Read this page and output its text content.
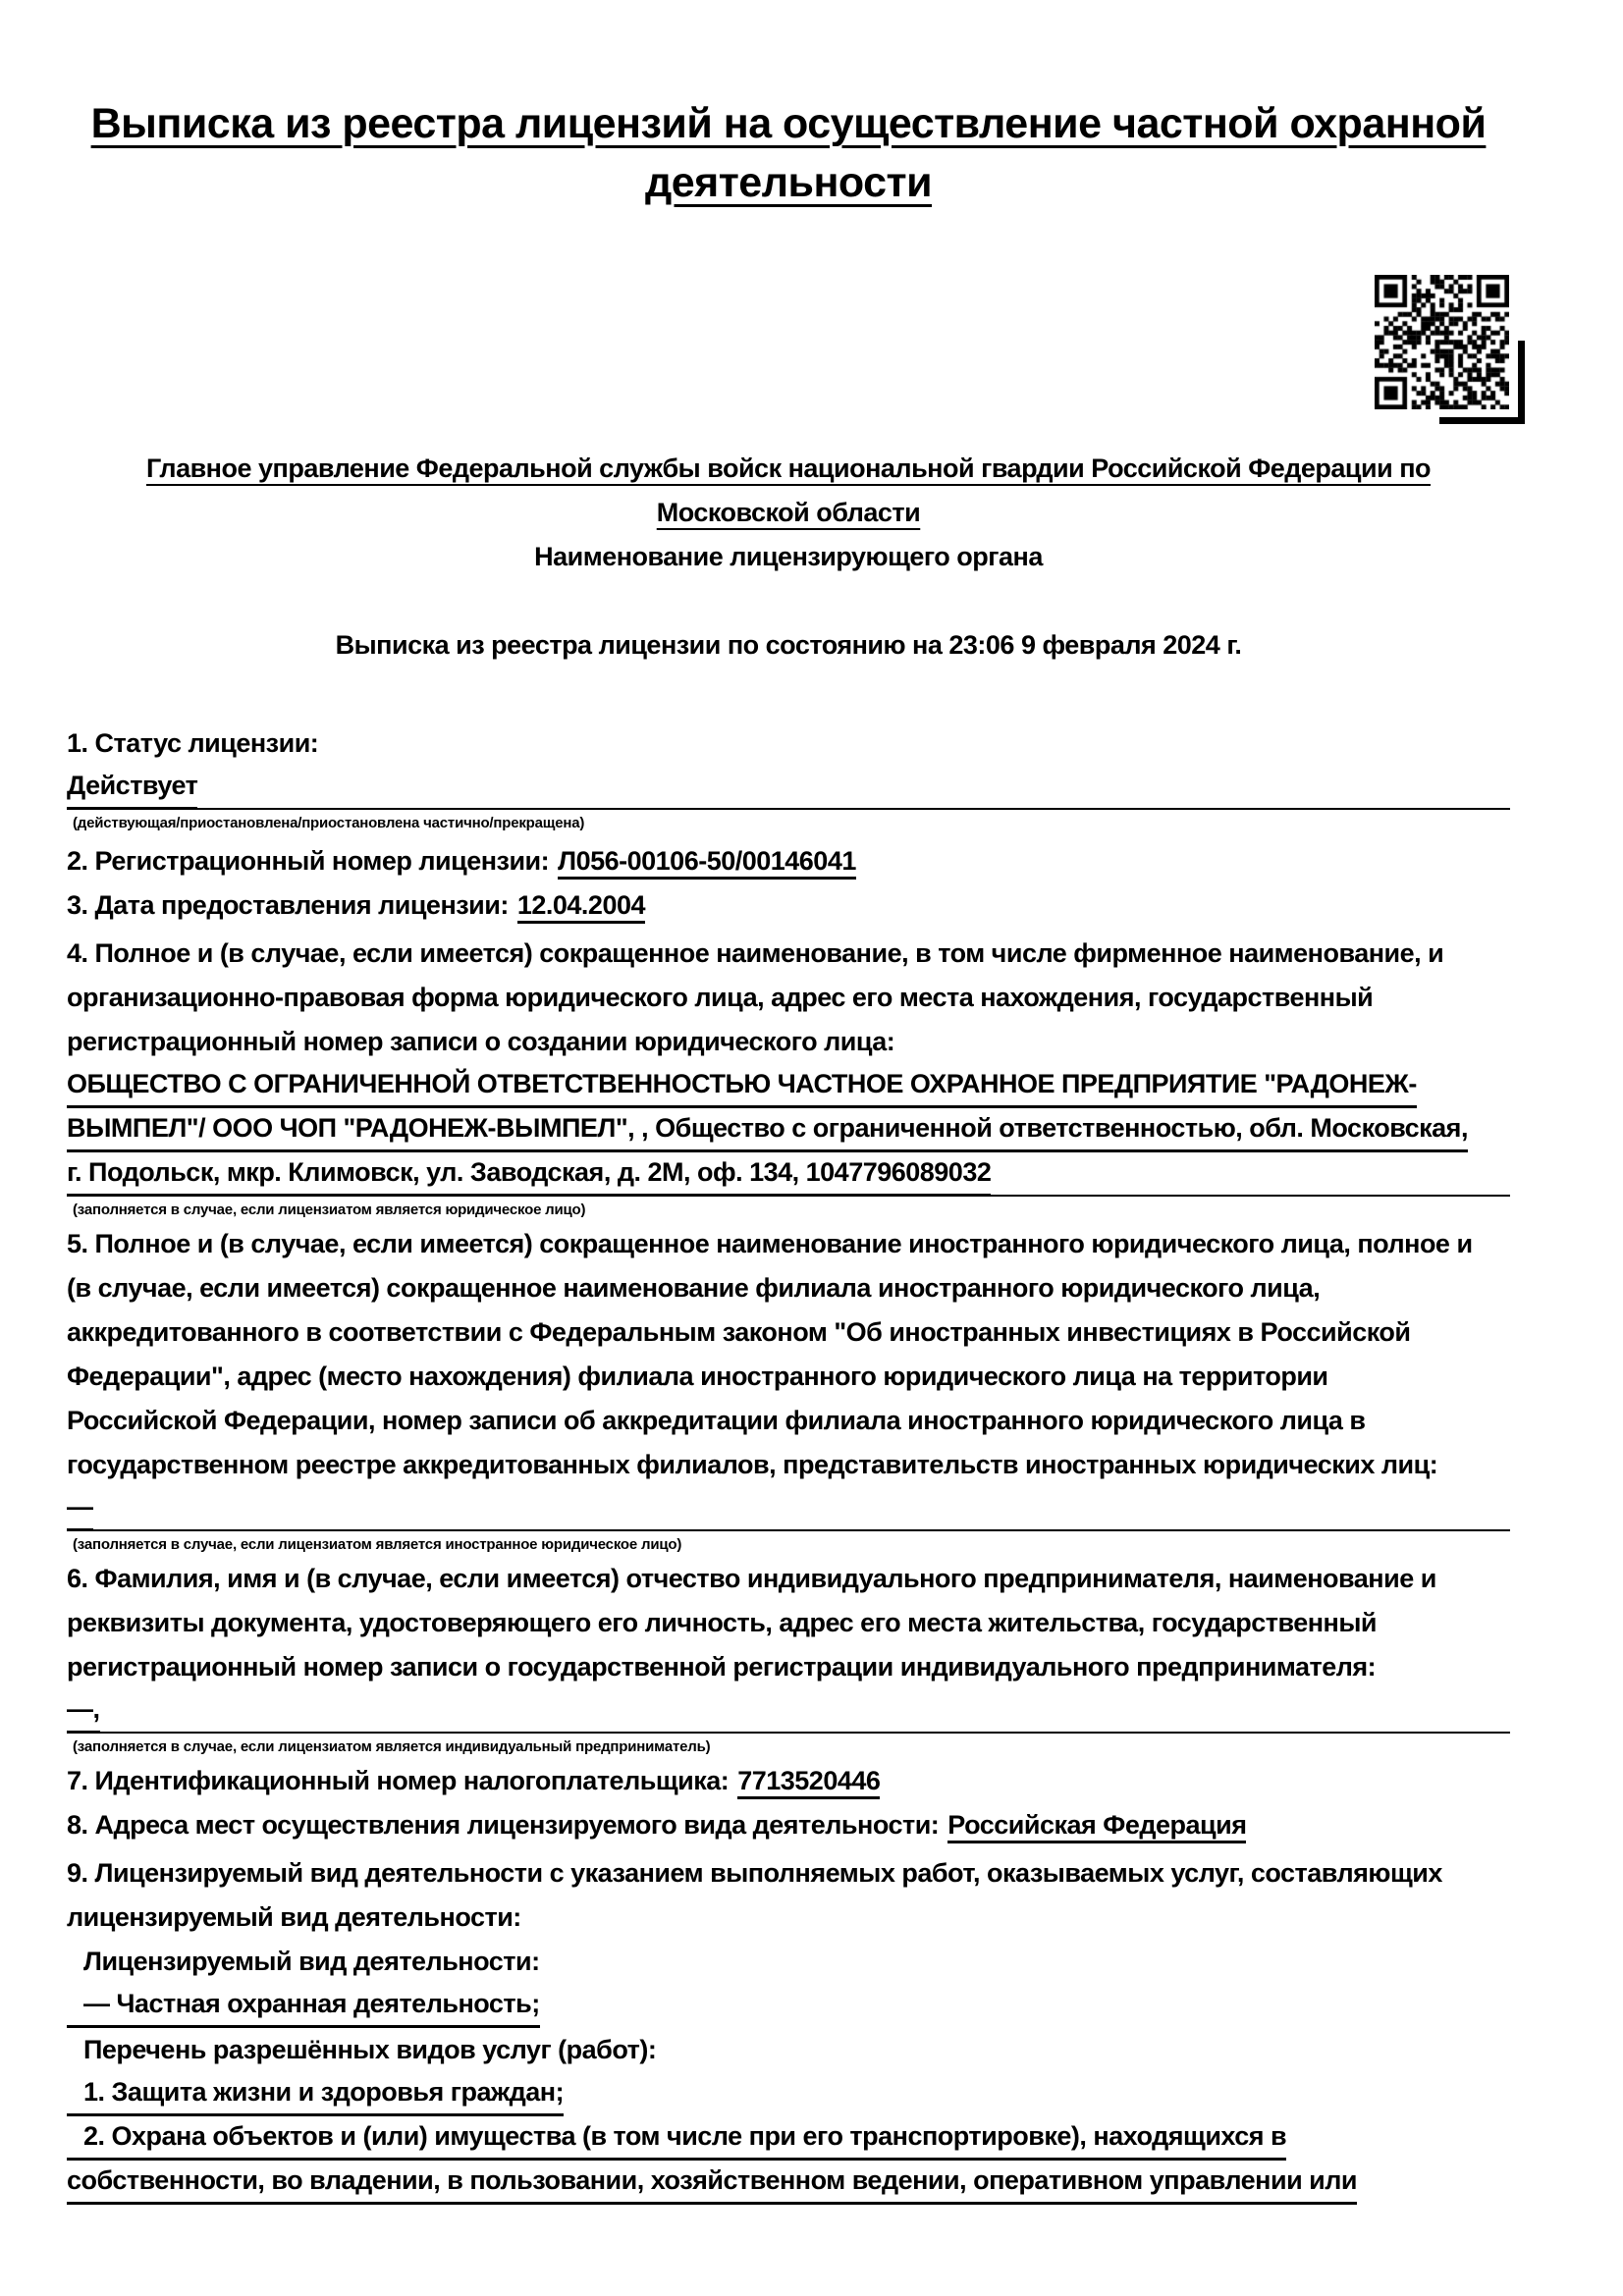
Выписка из реестра лицензий на осуществление частной охранной
деятельности
Главное управление Федеральной службы войск национальной гвардии Российской Федерации по
Московской области
Наименование лицензирующего органа
Выписка из реестра лицензии по состоянию на 23:06 9 февраля 2024 г.
1. Статус лицензии:
Действует
(действующая/приостановлена/приостановлена частично/прекращена)
2. Регистрационный номер лицензии: Л056-00106-50/00146041
3. Дата предоставления лицензии: 12.04.2004
4. Полное и (в случае, если имеется) сокращенное наименование, в том числе фирменное наименование, и
организационно-правовая форма юридического лица, адрес его места нахождения, государственный
регистрационный номер записи о создании юридического лица:
ОБЩЕСТВО С ОГРАНИЧЕННОЙ ОТВЕТСТВЕННОСТЬЮ ЧАСТНОЕ ОХРАННОЕ ПРЕДПРИЯТИЕ "РАДОНЕЖ-
ВЫМПЕЛ"/ ООО ЧОП "РАДОНЕЖ-ВЫМПЕЛ", , Общество с ограниченной ответственностью, обл. Московская,
г. Подольск, мкр. Климовск, ул. Заводская, д. 2М, оф. 134, 1047796089032
(заполняется в случае, если лицензиатом является юридическое лицо)
5. Полное и (в случае, если имеется) сокращенное наименование иностранного юридического лица, полное и
(в случае, если имеется) сокращенное наименование филиала иностранного юридического лица,
аккредитованного в соответствии с Федеральным законом "Об иностранных инвестициях в Российской
Федерации", адрес (место нахождения) филиала иностранного юридического лица на территории
Российской Федерации, номер записи об аккредитации филиала иностранного юридического лица в
государственном реестре аккредитованных филиалов, представительств иностранных юридических лиц:
—
(заполняется в случае, если лицензиатом является иностранное юридическое лицо)
6. Фамилия, имя и (в случае, если имеется) отчество индивидуального предпринимателя, наименование и
реквизиты документа, удостоверяющего его личность, адрес его места жительства, государственный
регистрационный номер записи о государственной регистрации индивидуального предпринимателя:
—,
(заполняется в случае, если лицензиатом является индивидуальный предприниматель)
7. Идентификационный номер налогоплательщика: 7713520446
8. Адреса мест осуществления лицензируемого вида деятельности: Российская Федерация
9. Лицензируемый вид деятельности с указанием выполняемых работ, оказываемых услуг, составляющих
лицензируемый вид деятельности:
Лицензируемый вид деятельности:
— Частная охранная деятельность;
Перечень разрешённых видов услуг (работ):
1. Защита жизни и здоровья граждан;
2. Охрана объектов и (или) имущества (в том числе при его транспортировке), находящихся в
собственности, во владении, в пользовании, хозяйственном ведении, оперативном управлении или
